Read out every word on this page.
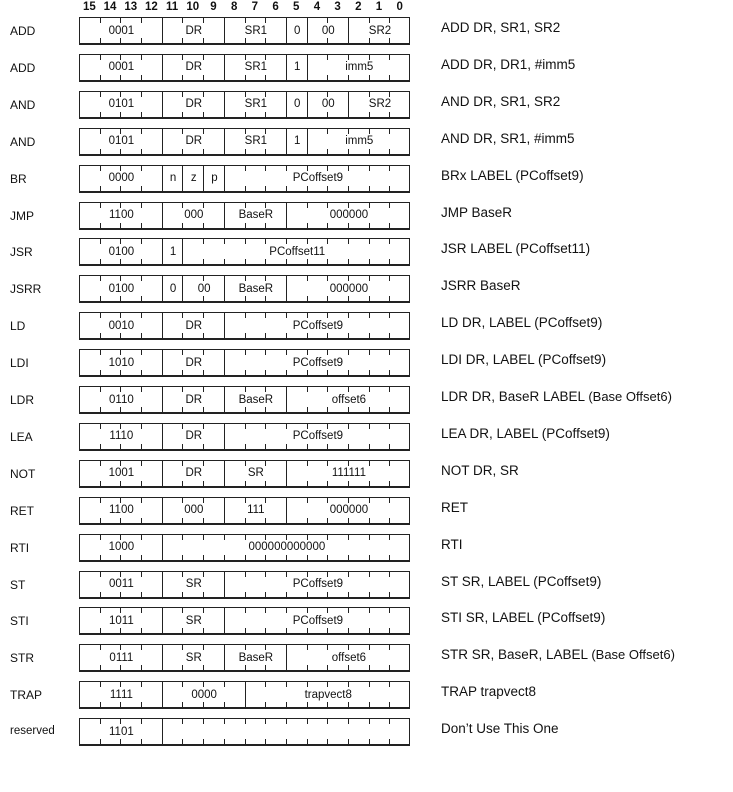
15 14 13 12 11 10 9	8	7	6	5	4	3	2	1	0
ADD	0001	DR	SR1	0	00	SR2	ADD DR, SR1, SR2
ADD	0001	DR	SR1	1	imm5	ADD DR, DR1, #imm5
AND	0101	DR	SR1	0	00	SR2	AND DR, SR1, SR2
AND	0101	DR	SR1	1	imm5	AND DR, SR1, #imm5
BR	0000	n	z	p	PCoffset9	BRx LABEL (PCoffset9)
JMP	1100	000	BaseR	000000	JMP BaseR
JSR	0100	1	PCoffset11	JSR LABEL (PCoffset11)
JSRR	0100	0	00	BaseR	000000	JSRR BaseR
LD	0010	DR	PCoffset9	LD DR, LABEL (PCoffset9)
LDI	1010	DR	PCoffset9	LDI DR, LABEL (PCoffset9)
LDR	0110	DR	BaseR	offset6	LDR DR, BaseR LABEL (Base Offset6)
LEA	1110	DR	PCoffset9	LEA DR, LABEL (PCoffset9)
NOT	1001	DR	SR	111111	NOT DR, SR
RET	1100	000	111	000000	RET
RTI	1000	000000000000	RTI
ST	0011	SR	PCoffset9	ST SR, LABEL (PCoffset9)
STI	1011	SR	PCoffset9	STI SR, LABEL (PCoffset9)
STR	0111	SR	BaseR	offset6	STR SR, BaseR, LABEL (Base Offset6)
TRAP	1111	0000	trapvect8	TRAP trapvect8
reserved	1101	Don’t Use This One
